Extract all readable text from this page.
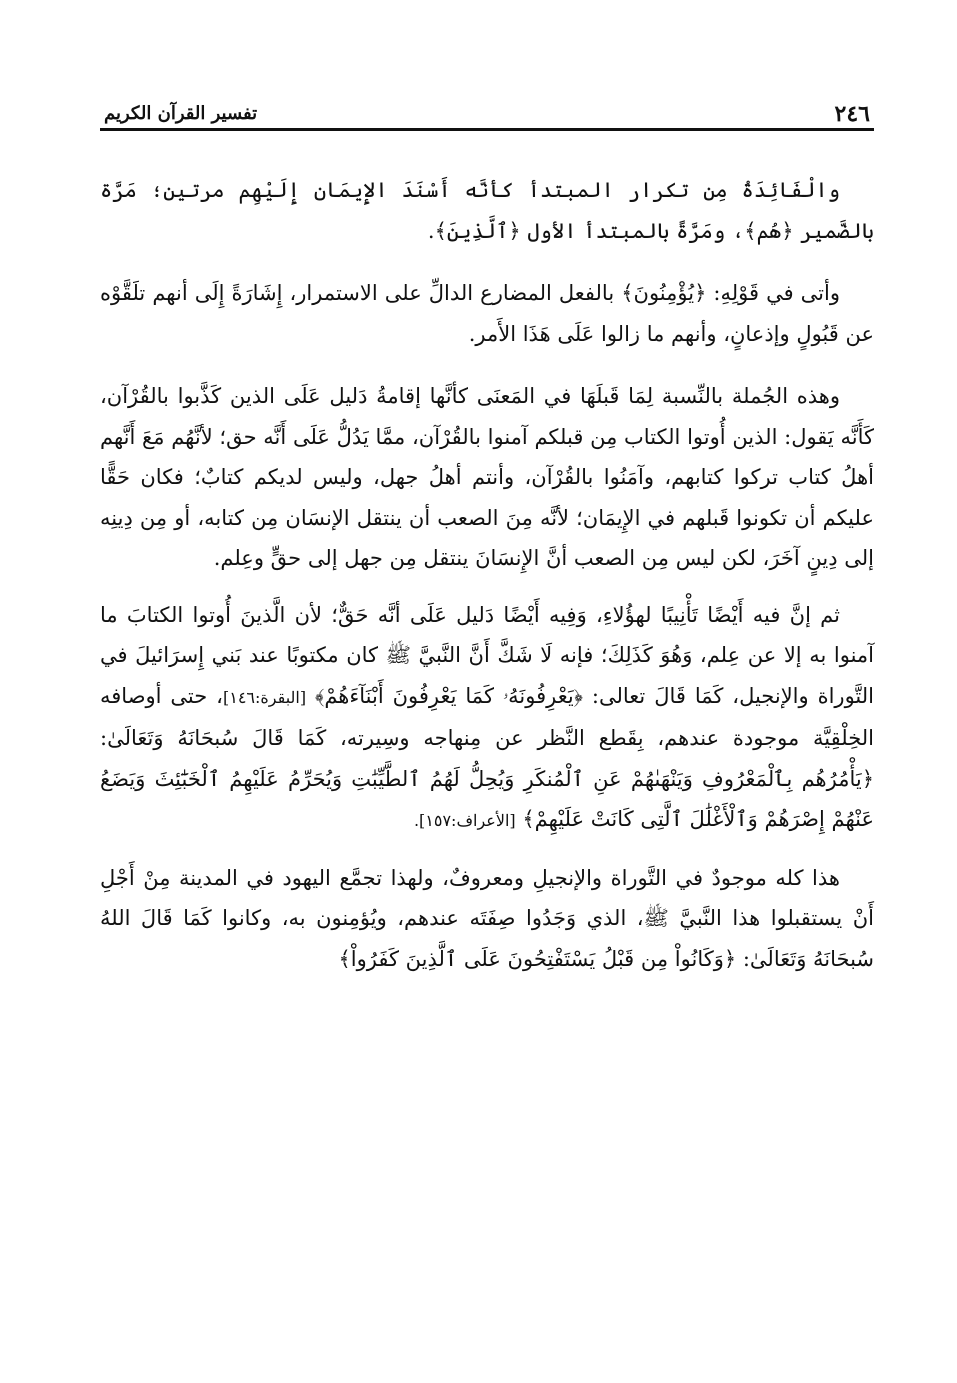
٢٤٦
تفسير القرآن الكريم

والْفَائِدَةُ مِن تكرار المبتدأ كأنَّه أَسْنَدَ الإِيمَان إِلَيْهِم مرتين؛ مَرَّة بالضَّمير ﴿هُم﴾، ومَرَّةً بالمبتدأ الأول ﴿ٱلَّذِينَ﴾.

وأتى في قَوْلِهِ: ﴿يُؤْمِنُونَ﴾ بالفعل المضارع الدالِّ على الاستمرار، إِشَارَةً إِلَى أنهم تلَقَّوْه عن قَبُولٍ وإذعانٍ، وأنهم ما زالوا عَلَى هَذَا الأَمر.

وهذه الجُملة بالنِّسبة لِمَا قَبلَهَا في المَعنَى كأنَّها إقامةُ دَليل عَلَى الذين كَذَّبوا بالقُرْآن، كَأَنَّه يَقول: الذين أُوتوا الكتاب مِن قبلكم آمنوا بالقُرْآن، ممَّا يَدُلُّ عَلَى أَنَّه حق؛ لأنَّهُم مَعَ أَنَّهم أهلُ كتاب تركوا كتابهم، وآمَنُوا بالقُرْآن، وأنتم أهلُ جهل، وليس لديكم كتابٌ؛ فكان حَقًّا عليكم أن تكونوا قَبلهم في الإِيمَان؛ لأنَّه مِنَ الصعب أن ينتقل الإنسَان مِن كتابه، أو مِن دِينِه إلى دِينٍ آخَرَ، لكن ليس مِن الصعب أنَّ الإِنسَانَ ينتقل مِن جهل إلى حقٍّ وعِلم.

ثم إنَّ فيه أَيْضًا تَأْنِيبًا لهؤُلاءِ، وَفِيه أَيْضًا دَليل عَلَى أنَّه حَقٌّ؛ لأن الَّذينَ أُوتوا الكتابَ ما آمنوا به إلا عن عِلم، وَهُوَ كَذَلِكَ؛ فإنه لَا شَكَّ أَنَّ النَّبيَّ ﷺ كان مكتوبًا عند بَني إِسرَائيلَ في التَّوراة والإنجيل، كَمَا قَالَ تعالى: ﴿يَعْرِفُونَهُۥ كَمَا يَعْرِفُونَ أَبْنَآءَهُمْ﴾ [البقرة:١٤٦]، حتى أوصافه الخِلْقِيَّة موجودة عندهم، بِقَطع النَّظر عن مِنهاجه وسِيرته، كَمَا قَالَ سُبحَانَهُ وَتَعَالَىٰ: ﴿يَأْمُرُهُم بِٱلْمَعْرُوفِ وَيَنْهَىٰهُمْ عَنِ ٱلْمُنكَرِ وَيُحِلُّ لَهُمُ ٱلطَّيِّبَٰتِ وَيُحَرِّمُ عَلَيْهِمُ ٱلْخَبَٰٓئِثَ وَيَضَعُ عَنْهُمْ إِصْرَهُمْ وَٱلْأَغْلَٰلَ ٱلَّتِى كَانَتْ عَلَيْهِمْ﴾ [الأعراف:١٥٧].

هذا كله موجودٌ في التَّوراة والإنجيلِ ومعروفٌ، ولهذا تجمَّع اليهود في المدينة مِنْ أَجْلِ أَنْ يستقبلوا هذا النَّبيَّ ﷺ، الذي وَجَدُوا صِفَتَه عندهم، ويُؤمِنون به، وكانوا كَمَا قَالَ اللهُ سُبحَانَهُ وَتَعَالَىٰ: ﴿وَكَانُواْ مِن قَبْلُ يَسْتَفْتِحُونَ عَلَى ٱلَّذِينَ كَفَرُواْ﴾
